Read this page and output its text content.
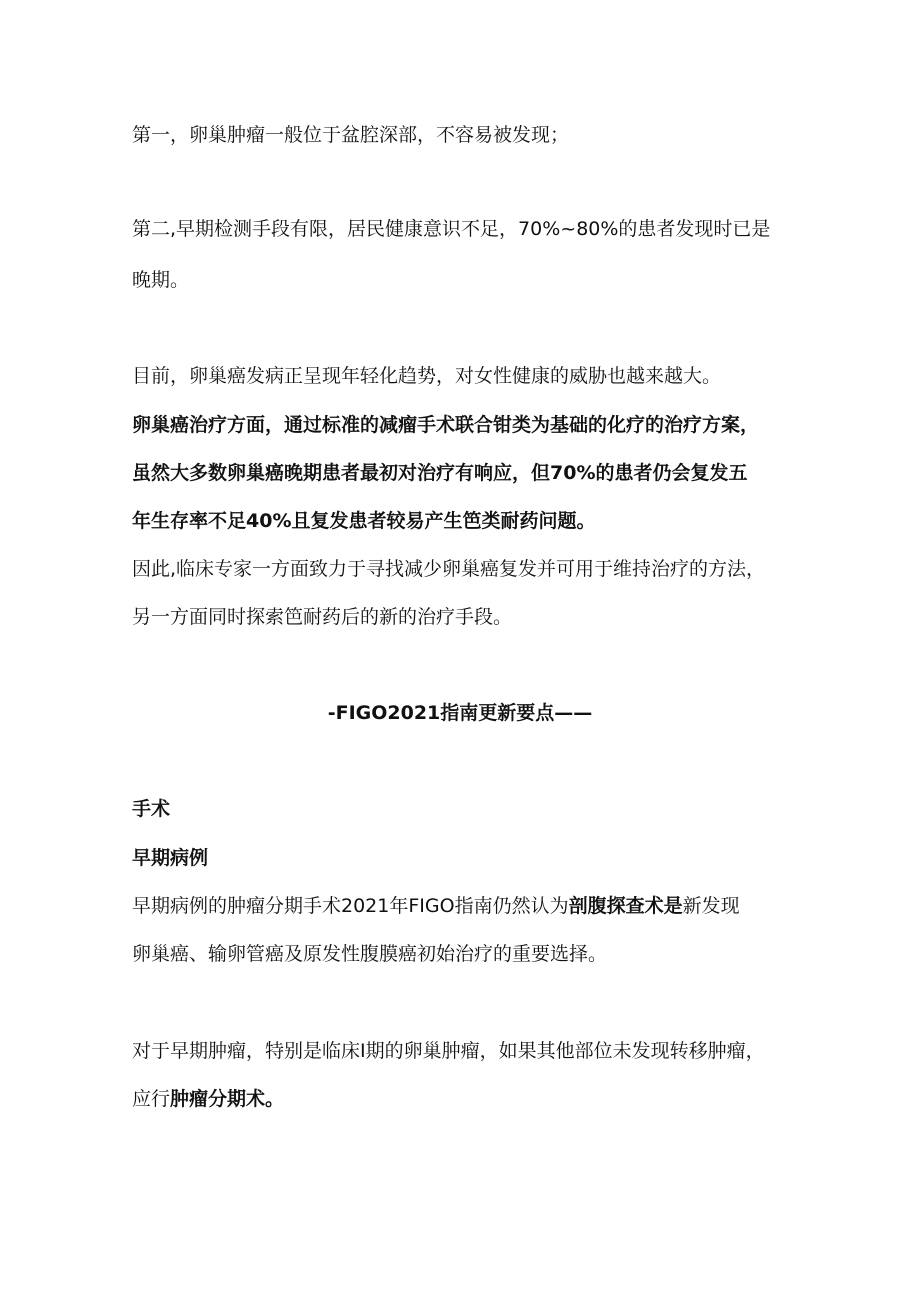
第一，卵巢肿瘤一般位于盆腔深部，不容易被发现；
第二,早期检测手段有限，居民健康意识不足，70%~80%的患者发现时已是
晚期。
目前，卵巢癌发病正呈现年轻化趋势，对女性健康的威胁也越来越大。
卵巢癌治疗方面，通过标准的减瘤手术联合钳类为基础的化疗的治疗方案，
虽然大多数卵巢癌晚期患者最初对治疗有响应，但70%的患者仍会复发五
年生存率不足40%且复发患者较易产生笆类耐药问题。
因此,临床专家一方面致力于寻找减少卵巢癌复发并可用于维持治疗的方法，
另一方面同时探索笆耐药后的新的治疗手段。
-FIGO2021指南更新要点——
手术
早期病例
早期病例的肿瘤分期手术2021年FIGO指南仍然认为剖腹探查术是新发现
卵巢癌、输卵管癌及原发性腹膜癌初始治疗的重要选择。
对于早期肿瘤，特别是临床I期的卵巢肿瘤，如果其他部位未发现转移肿瘤，
应行肿瘤分期术。
